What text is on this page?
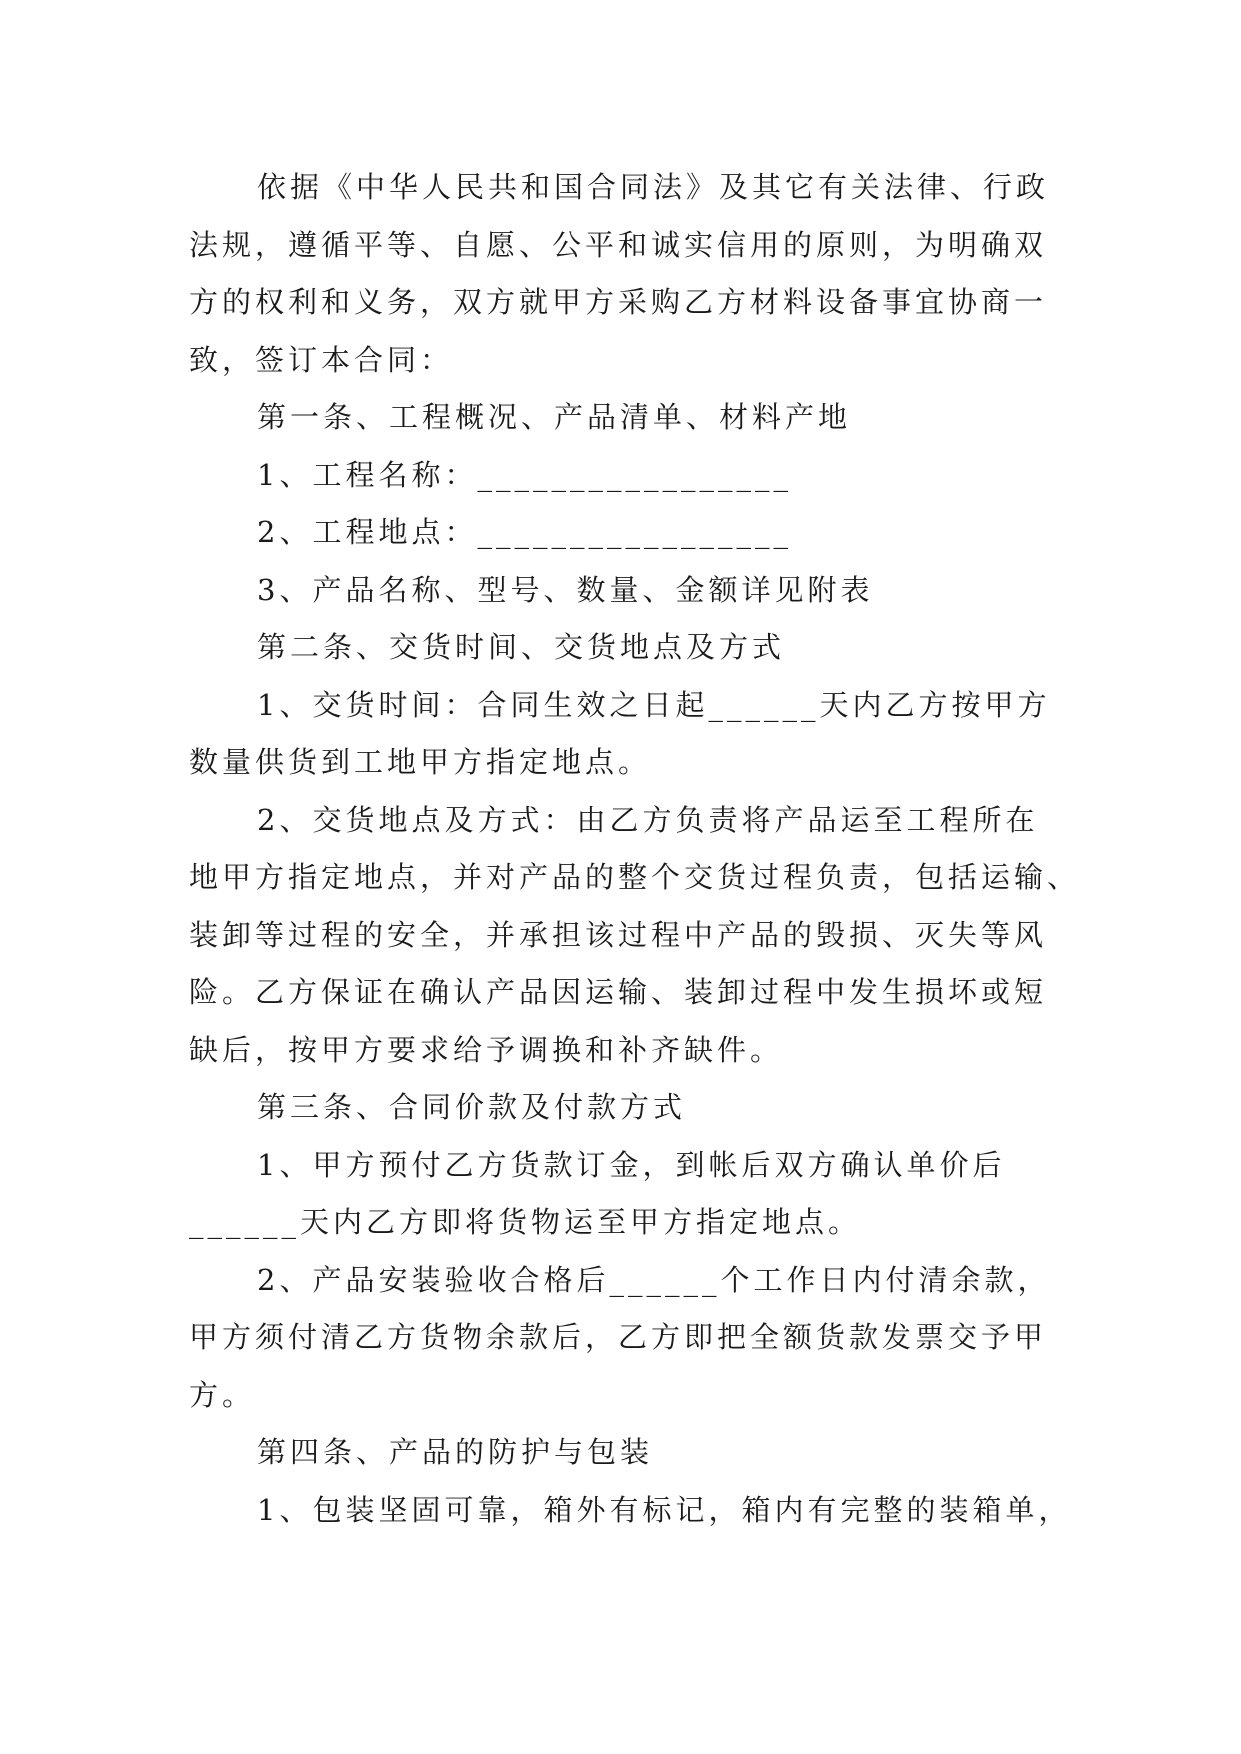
依据《中华人民共和国合同法》及其它有关法律、行政
法规，遵循平等、自愿、公平和诚实信用的原则，为明确双
方的权利和义务，双方就甲方采购乙方材料设备事宜协商一
致，签订本合同：
第一条、工程概况、产品清单、材料产地
1、工程名称：_________________
2、工程地点：_________________
3、产品名称、型号、数量、金额详见附表
第二条、交货时间、交货地点及方式
1、交货时间：合同生效之日起______天内乙方按甲方
数量供货到工地甲方指定地点。
2、交货地点及方式：由乙方负责将产品运至工程所在
地甲方指定地点，并对产品的整个交货过程负责，包括运输、
装卸等过程的安全，并承担该过程中产品的毁损、灭失等风
险。乙方保证在确认产品因运输、装卸过程中发生损坏或短
缺后，按甲方要求给予调换和补齐缺件。
第三条、合同价款及付款方式
1、甲方预付乙方货款订金，到帐后双方确认单价后
______天内乙方即将货物运至甲方指定地点。
2、产品安装验收合格后______个工作日内付清余款，
甲方须付清乙方货物余款后，乙方即把全额货款发票交予甲
方。
第四条、产品的防护与包装
1、包装坚固可靠，箱外有标记，箱内有完整的装箱单，
